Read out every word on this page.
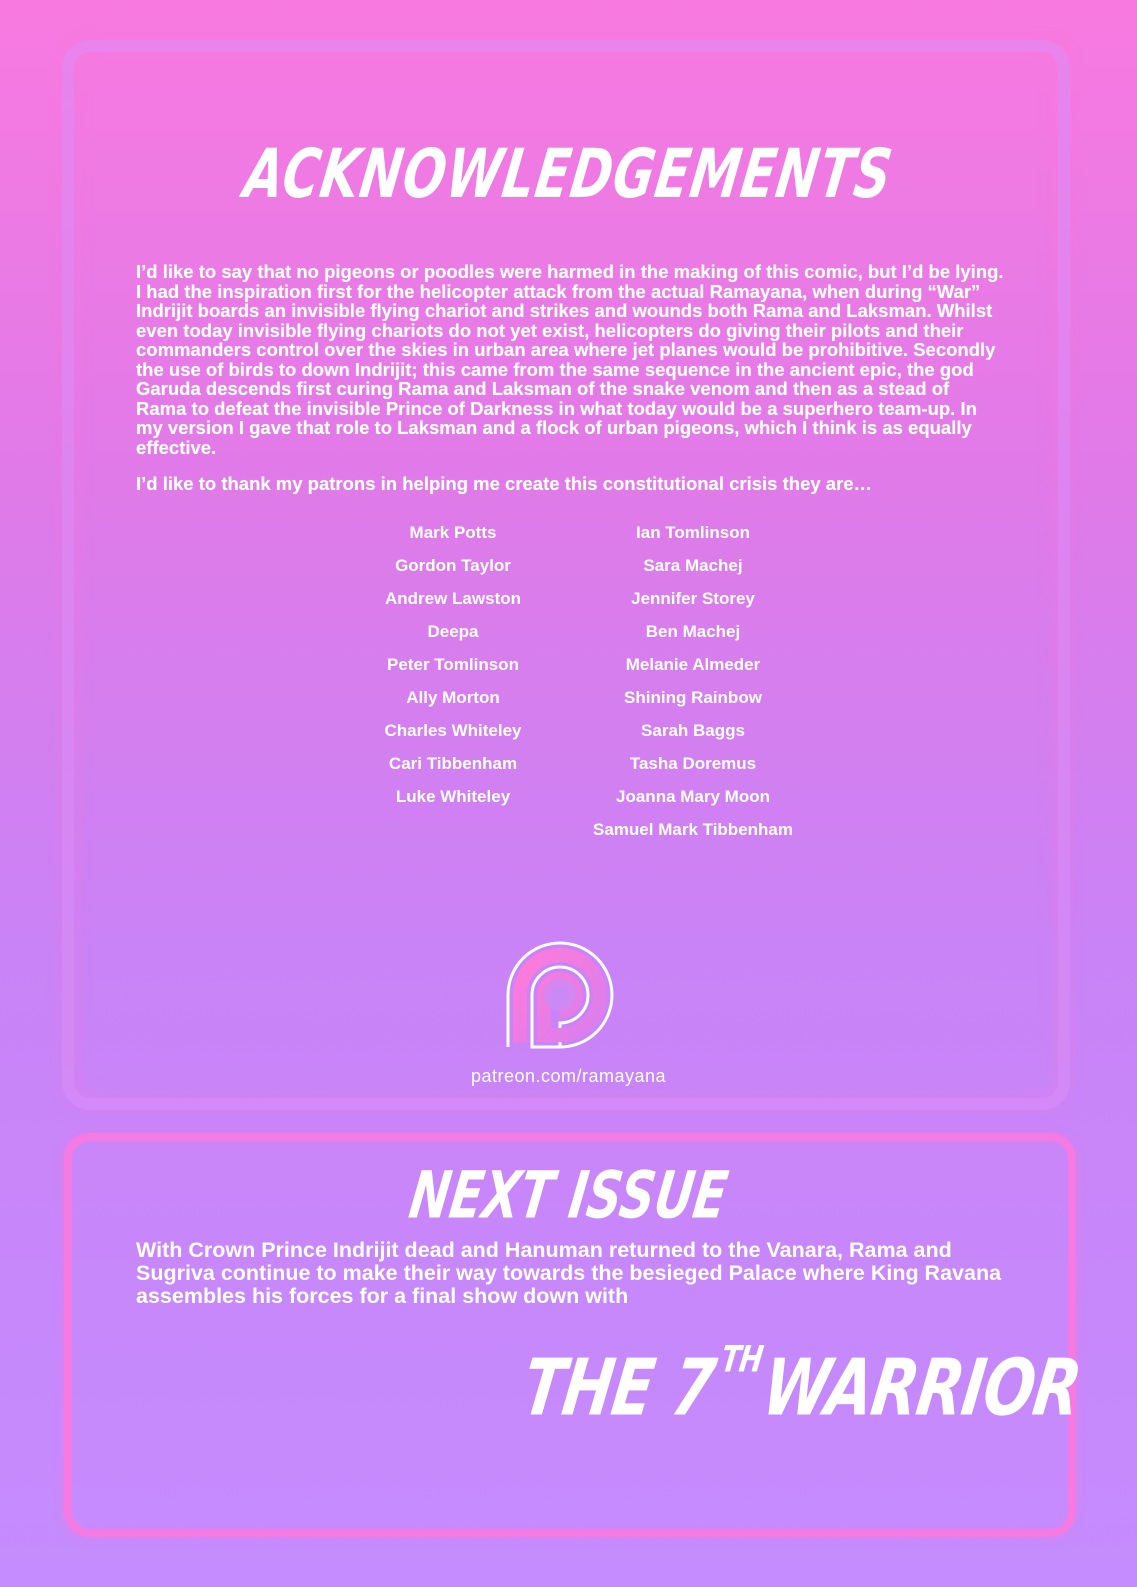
ACKNOWLEDGEMENTS

I’d like to say that no pigeons or poodles were harmed in the making of this comic, but I’d be lying. I had the inspiration first for the helicopter attack from the actual Ramayana, when during “War” Indrijit boards an invisible flying chariot and strikes and wounds both Rama and Laksman. Whilst even today invisible flying chariots do not yet exist, helicopters do giving their pilots and their commanders control over the skies in urban area where jet planes would be prohibitive. Secondly the use of birds to down Indrijit; this came from the same sequence in the ancient epic, the god Garuda descends first curing Rama and Laksman of the snake venom and then as a stead of Rama to defeat the invisible Prince of Darkness in what today would be a superhero team-up. In my version I gave that role to Laksman and a flock of urban pigeons, which I think is as equally effective.

I’d like to thank my patrons in helping me create this constitutional crisis they are…

Mark Potts
Gordon Taylor
Andrew Lawston
Deepa
Peter Tomlinson
Ally Morton
Charles Whiteley
Cari Tibbenham
Luke Whiteley
Ian Tomlinson
Sara Machej
Jennifer Storey
Ben Machej
Melanie Almeder
Shining Rainbow
Sarah Baggs
Tasha Doremus
Joanna Mary Moon
Samuel Mark Tibbenham
patreon.com/ramayana
NEXT ISSUE

With Crown Prince Indrijit dead and Hanuman returned to the Vanara, Rama and Sugriva continue to make their way towards the besieged Palace where King Ravana assembles his forces for a final show down with

THE 7THWARRIOR
